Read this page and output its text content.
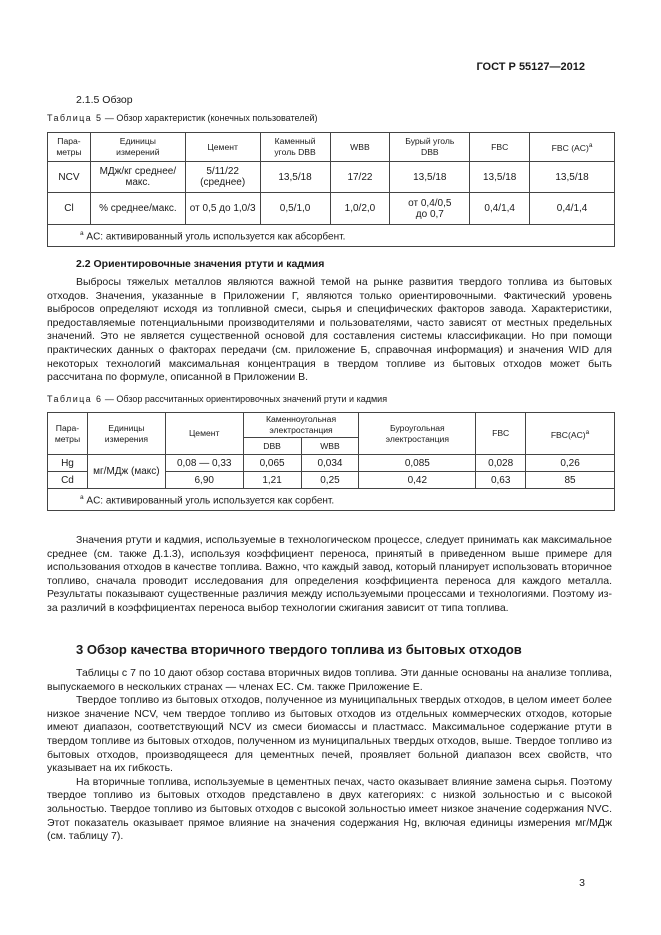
ГОСТ Р 55127—2012
2.1.5 Обзор
Таблица 5 — Обзор характеристик (конечных пользователей)
Пара-
метры	Единицы
измерений	Цемент	Каменный
уголь DBB	WBB	Бурый уголь
DBB	FBC	FBC (AC)$^а$
NCV	МДж/кг среднее/
макс.	5/11/22
(среднее)	13,5/18	17/22	13,5/18	13,5/18	13,5/18
Cl	% среднее/макс.	от 0,5 до 1,0/3	0,5/1,0	1,0/2,0	от 0,4/0,5
до 0,7	0,4/1,4	0,4/1,4
$^а$ AC: активированный уголь используется как абсорбент.							
2.2 Ориентировочные значения ртути и кадмия

Выбросы тяжелых металлов являются важной темой на рынке развития твердого топлива из бытовых отходов. Значения, указанные в Приложении Г, являются только ориентировочными. Фактический уровень выбросов определяют исходя из топливной смеси, сырья и специфических факторов завода. Характеристики, предоставляемые потенциальными производителями и пользователями, часто зависят от местных предельных значений. Это не является существенной основой для составления системы классификации. Но при помощи практических данных о факторах передачи (см. приложение Б, справочная информация) и значения WID для некоторых технологий максимальная концентрация в твердом топливе из бытовых отходов может быть рассчитана по формуле, описанной в Приложении В.

Таблица 6 — Обзор рассчитанных ориентировочных значений ртути и кадмия
Пара-
метры	Единицы
измерения	Цемент	Каменноугольная
электростанция		Буроугольная
электростанция	FBC	FBC(AC)$^а$
			DBB	WBB			
Hg	мг/МДж (макс)	0,08 — 0,33	0,065	0,034	0,085	0,028	0,26
Cd		6,90	1,21	0,25	0,42	0,63	85
$^а$ AC: активированный уголь используется как сорбент.							

Значения ртути и кадмия, используемые в технологическом процессе, следует принимать как максимальное среднее (см. также Д.1.3), используя коэффициент переноса, принятый в приведенном выше примере для использования отходов в качестве топлива. Важно, что каждый завод, который планирует использовать вторичное топливо, сначала проводит исследования для определения коэффициента переноса для каждого металла. Результаты показывают существенные различия между используемыми процессами и технологиями. Поэтому из-за различий в коэффициентах переноса выбор технологии сжигания зависит от типа топлива.

3 Обзор качества вторичного твердого топлива из бытовых отходов

Таблицы с 7 по 10 дают обзор состава вторичных видов топлива. Эти данные основаны на анализе топлива, выпускаемого в нескольких странах — членах ЕС. См. также Приложение Е.

Твердое топливо из бытовых отходов, полученное из муниципальных твердых отходов, в целом имеет более низкое значение NCV, чем твердое топливо из бытовых отходов из отдельных коммерческих отходов, которые имеют диапазон, соответствующий NCV из смеси биомассы и пластмасс. Максимальное содержание ртути в твердом топливе из бытовых отходов, полученном из муниципальных твердых отходов, выше. Твердое топливо из бытовых отходов, производящееся для цементных печей, проявляет больной диапазон всех свойств, что указывает на их гибкость.

На вторичные топлива, используемые в цементных печах, часто оказывает влияние замена сырья. Поэтому твердое топливо из бытовых отходов представлено в двух категориях: с низкой зольностью и с высокой зольностью. Твердое топливо из бытовых отходов с высокой зольностью имеет низкое значение содержания NVC. Этот показатель оказывает прямое влияние на значения содержания Hg, включая единицы измерения мг/МДж (см. таблицу 7).

3
